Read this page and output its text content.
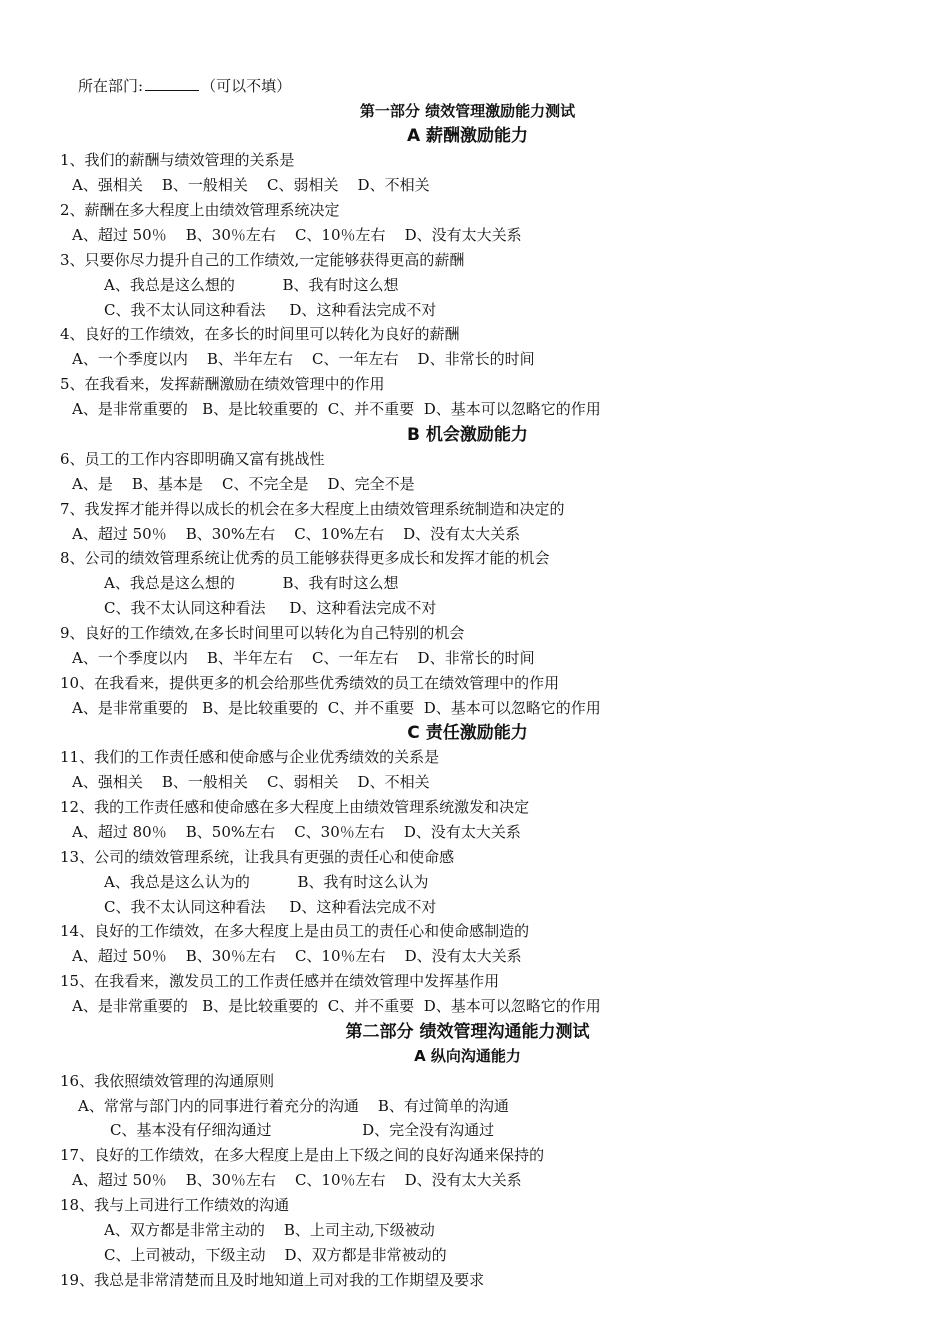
所在部门:	（可以不填）
第一部分 绩效管理激励能力测试
A 薪酬激励能力
1、我们的薪酬与绩效管理的关系是
A、强相关    B、一般相关    C、弱相关    D、不相关
2、薪酬在多大程度上由绩效管理系统决定
A、超过 50％    B、30％左右    C、10％左右    D、没有太大关系
3、只要你尽力提升自己的工作绩效,一定能够获得更高的薪酬
A、我总是这么想的          B、我有时这么想
C、我不太认同这种看法     D、这种看法完成不对
4、良好的工作绩效，在多长的时间里可以转化为良好的薪酬
A、一个季度以内    B、半年左右    C、一年左右    D、非常长的时间
5、在我看来，发挥薪酬激励在绩效管理中的作用
A、是非常重要的   B、是比较重要的  C、并不重要  D、基本可以忽略它的作用
B 机会激励能力
6、员工的工作内容即明确又富有挑战性
A、是    B、基本是    C、不完全是    D、完全不是
7、我发挥才能并得以成长的机会在多大程度上由绩效管理系统制造和决定的
A、超过 50％    B、30%左右    C、10%左右    D、没有太大关系
8、公司的绩效管理系统让优秀的员工能够获得更多成长和发挥才能的机会
A、我总是这么想的          B、我有时这么想
C、我不太认同这种看法     D、这种看法完成不对
9、良好的工作绩效,在多长时间里可以转化为自己特别的机会
A、一个季度以内    B、半年左右    C、一年左右    D、非常长的时间
10、在我看来，提供更多的机会给那些优秀绩效的员工在绩效管理中的作用
A、是非常重要的   B、是比较重要的  C、并不重要  D、基本可以忽略它的作用
C 责任激励能力
11、我们的工作责任感和使命感与企业优秀绩效的关系是
A、强相关    B、一般相关    C、弱相关    D、不相关
12、我的工作责任感和使命感在多大程度上由绩效管理系统激发和决定
A、超过 80％    B、50%左右    C、30％左右    D、没有太大关系
13、公司的绩效管理系统，让我具有更强的责任心和使命感
A、我总是这么认为的          B、我有时这么认为
C、我不太认同这种看法     D、这种看法完成不对
14、良好的工作绩效，在多大程度上是由员工的责任心和使命感制造的
A、超过 50％    B、30％左右    C、10％左右    D、没有太大关系
15、在我看来，激发员工的工作责任感并在绩效管理中发挥基作用
A、是非常重要的   B、是比较重要的  C、并不重要  D、基本可以忽略它的作用
第二部分 绩效管理沟通能力测试
A 纵向沟通能力
16、我依照绩效管理的沟通原则
A、常常与部门内的同事进行着充分的沟通    B、有过简单的沟通
C、基本没有仔细沟通过                   D、完全没有沟通过
17、良好的工作绩效，在多大程度上是由上下级之间的良好沟通来保持的
A、超过 50％    B、30％左右    C、10％左右    D、没有太大关系
18、我与上司进行工作绩效的沟通
A、双方都是非常主动的    B、上司主动,下级被动
C、上司被动，下级主动    D、双方都是非常被动的
19、我总是非常清楚而且及时地知道上司对我的工作期望及要求
